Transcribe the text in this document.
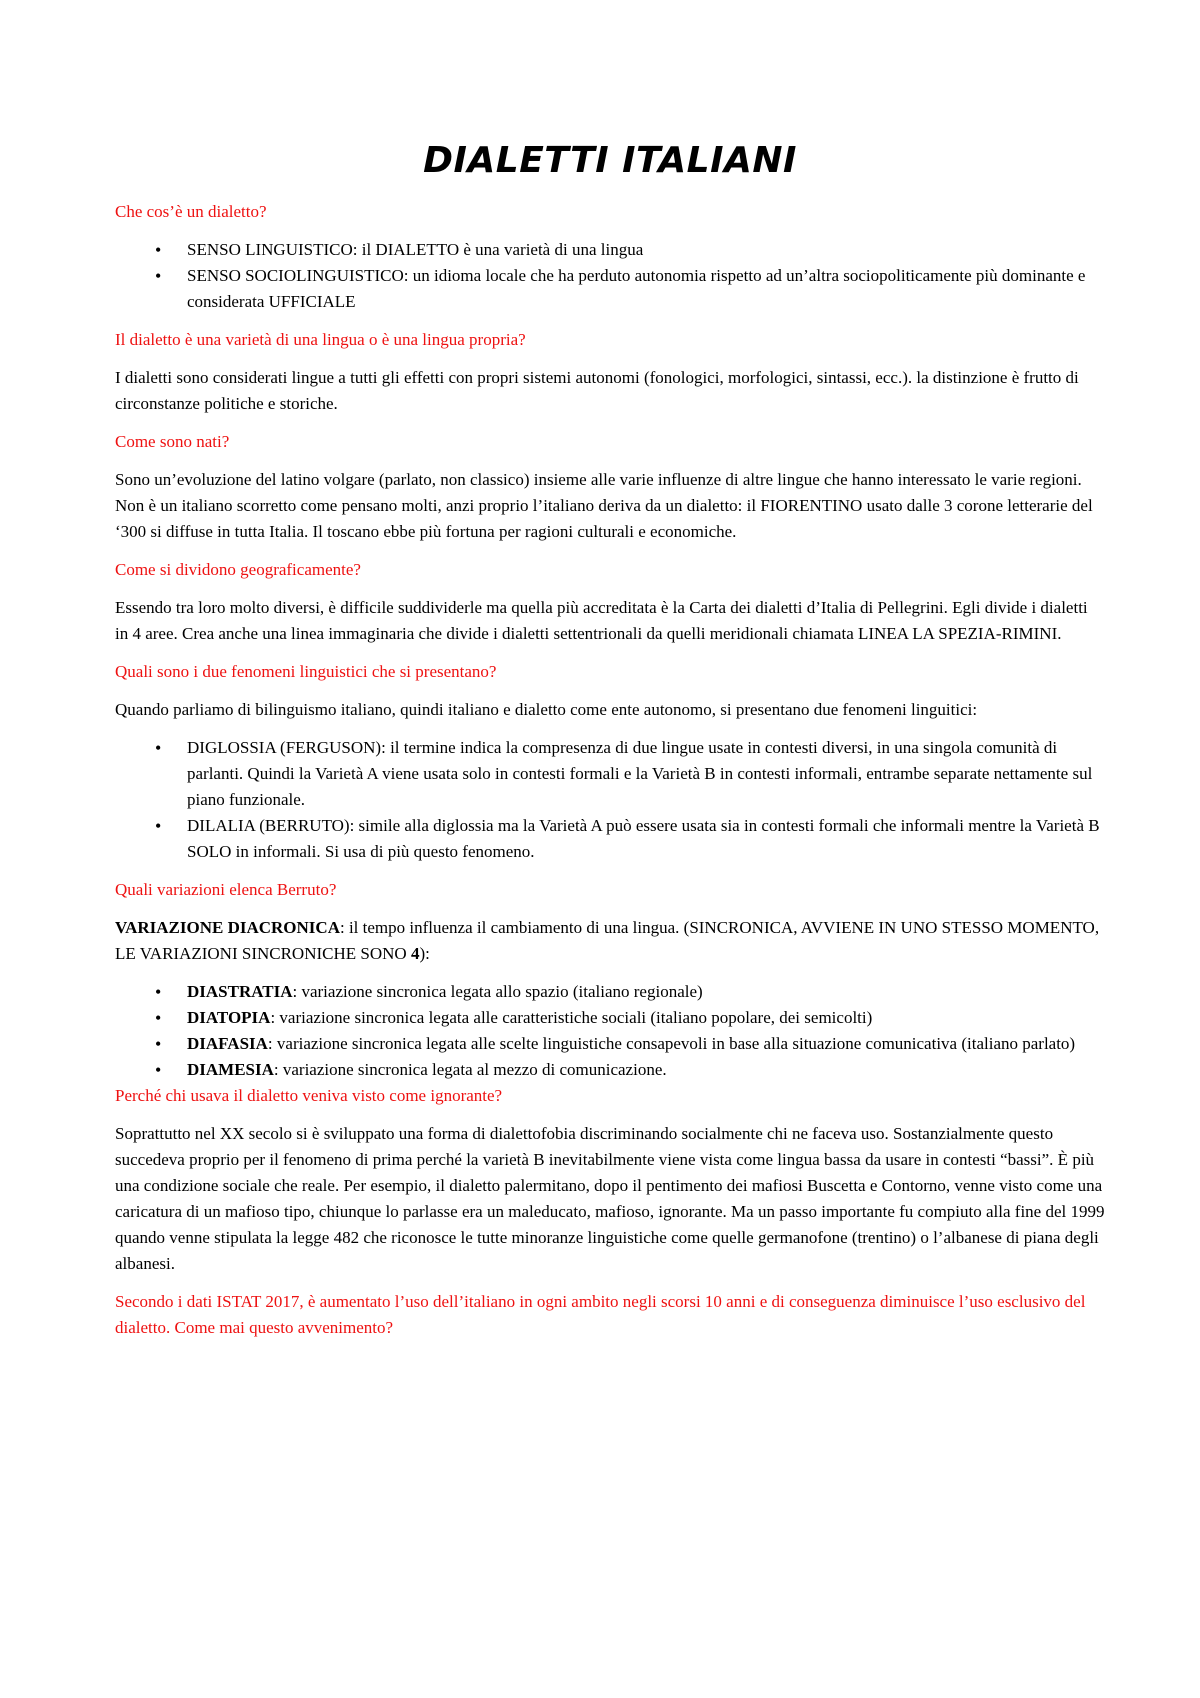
DIALETTI ITALIANI
Che cos’è un dialetto?
• SENSO LINGUISTICO: il DIALETTO è una varietà di una lingua
• SENSO SOCIOLINGUISTICO: un idioma locale che ha perduto autonomia rispetto ad un’altra sociopoliticamente più dominante e considerata UFFICIALE
Il dialetto è una varietà di una lingua o è una lingua propria?
I dialetti sono considerati lingue a tutti gli effetti con propri sistemi autonomi (fonologici, morfologici, sintassi, ecc.). la distinzione è frutto di circonstanze politiche e storiche.
Come sono nati?
Sono un’evoluzione del latino volgare (parlato, non classico) insieme alle varie influenze di altre lingue che hanno interessato le varie regioni. Non è un italiano scorretto come pensano molti, anzi proprio l’italiano deriva da un dialetto: il FIORENTINO usato dalle 3 corone letterarie del ‘300 si diffuse in tutta Italia. Il toscano ebbe più fortuna per ragioni culturali e economiche.
Come si dividono geograficamente?
Essendo tra loro molto diversi, è difficile suddividerle ma quella più accreditata è la Carta dei dialetti d’Italia di Pellegrini. Egli divide i dialetti in 4 aree. Crea anche una linea immaginaria che divide i dialetti settentrionali da quelli meridionali chiamata LINEA LA SPEZIA-RIMINI.
Quali sono i due fenomeni linguistici che si presentano?
Quando parliamo di bilinguismo italiano, quindi italiano e dialetto come ente autonomo, si presentano due fenomeni linguitici:
• DIGLOSSIA (FERGUSON): il termine indica la compresenza di due lingue usate in contesti diversi, in una singola comunità di parlanti. Quindi la Varietà A viene usata solo in contesti formali e la Varietà B in contesti informali, entrambe separate nettamente sul piano funzionale.
• DILALIA (BERRUTO): simile alla diglossia ma la Varietà A può essere usata sia in contesti formali che informali mentre la Varietà B SOLO in informali. Si usa di più questo fenomeno.
Quali variazioni elenca Berruto?
VARIAZIONE DIACRONICA: il tempo influenza il cambiamento di una lingua. (SINCRONICA, AVVIENE IN UNO STESSO MOMENTO, LE VARIAZIONI SINCRONICHE SONO 4):
• DIASTRATIA: variazione sincronica legata allo spazio (italiano regionale)
• DIATOPIA: variazione sincronica legata alle caratteristiche sociali (italiano popolare, dei semicolti)
• DIAFASIA: variazione sincronica legata alle scelte linguistiche consapevoli in base alla situazione comunicativa (italiano parlato)
• DIAMESIA: variazione sincronica legata al mezzo di comunicazione.
Perché chi usava il dialetto veniva visto come ignorante?
Soprattutto nel XX secolo si è sviluppato una forma di dialettofobia discriminando socialmente chi ne faceva uso. Sostanzialmente questo succedeva proprio per il fenomeno di prima perché la varietà B inevitabilmente viene vista come lingua bassa da usare in contesti “bassi”. È più una condizione sociale che reale. Per esempio, il dialetto palermitano, dopo il pentimento dei mafiosi Buscetta e Contorno, venne visto come una caricatura di un mafioso tipo, chiunque lo parlasse era un maleducato, mafioso, ignorante. Ma un passo importante fu compiuto alla fine del 1999 quando venne stipulata la legge 482 che riconosce le tutte minoranze linguistiche come quelle germanofone (trentino) o l’albanese di piana degli albanesi.
Secondo i dati ISTAT 2017, è aumentato l’uso dell’italiano in ogni ambito negli scorsi 10 anni e di conseguenza diminuisce l’uso esclusivo del dialetto. Come mai questo avvenimento?
